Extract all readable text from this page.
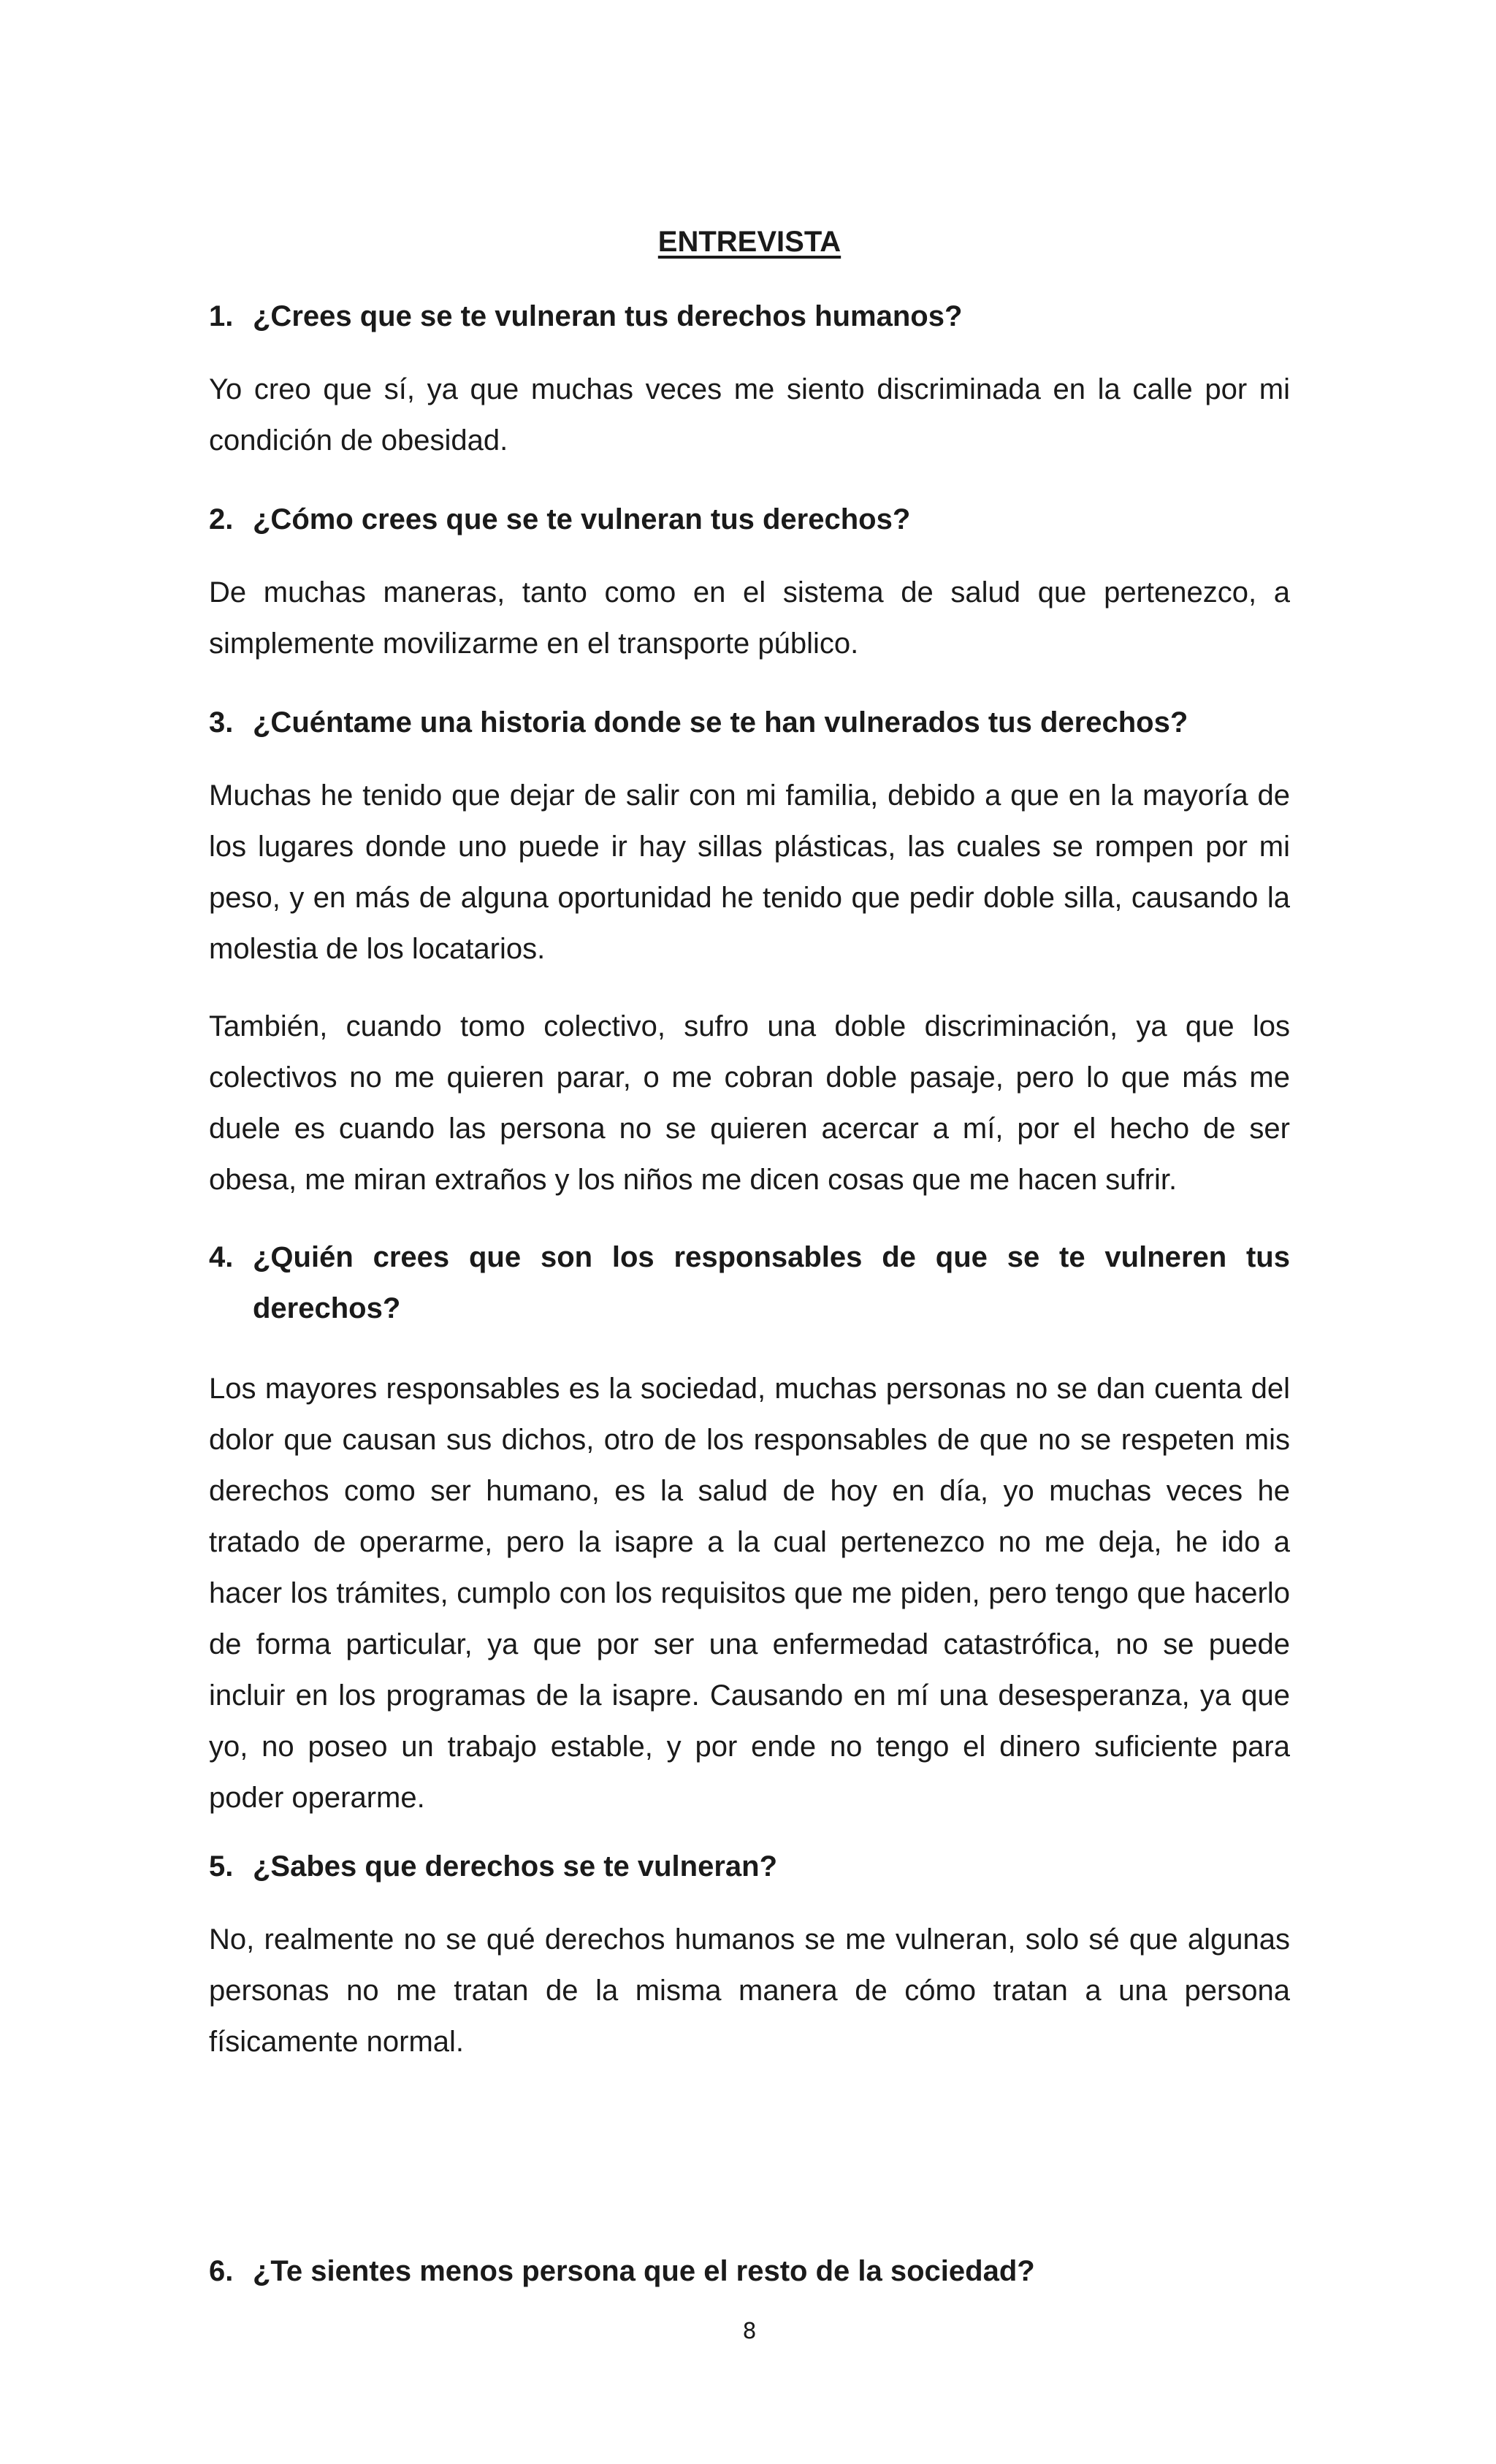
ENTREVISTA

1. ¿Crees que se te vulneran tus derechos humanos?

Yo creo que sí, ya que muchas veces me siento discriminada en la calle por mi condición de obesidad.

2. ¿Cómo crees que se te vulneran tus derechos?

De muchas maneras, tanto como en el sistema de salud que pertenezco, a simplemente movilizarme en el transporte público.

3. ¿Cuéntame una historia donde se te han vulnerados tus derechos?

Muchas he tenido que dejar de salir con mi familia, debido a que en la mayoría de los lugares donde uno puede ir hay sillas plásticas, las cuales se rompen por mi peso, y en más de alguna oportunidad he tenido que pedir doble silla, causando la molestia de los locatarios.

También, cuando tomo colectivo, sufro una doble discriminación, ya que los colectivos no me quieren parar, o me cobran doble pasaje, pero lo que más me duele es cuando las persona no se quieren acercar a mí, por el hecho de ser obesa, me miran extraños y los niños me dicen cosas que me hacen sufrir.

4. ¿Quién crees que son los responsables de que se te vulneren tus derechos?

Los mayores responsables es la sociedad, muchas personas no se dan cuenta del dolor que causan sus dichos, otro de los responsables de que no se respeten mis derechos como ser humano, es la salud de hoy en día, yo muchas veces he tratado de operarme, pero la isapre a la cual pertenezco no me deja, he ido a hacer los trámites, cumplo con los requisitos que me piden, pero tengo que hacerlo de forma particular, ya que por ser una enfermedad catastrófica, no se puede incluir en los programas de la isapre. Causando en mí una desesperanza, ya que yo, no poseo un trabajo estable, y por ende no tengo el dinero suficiente para poder operarme.

5. ¿Sabes que derechos se te vulneran?

No, realmente no se qué derechos humanos se me vulneran, solo sé que algunas personas no me tratan de la misma manera de cómo tratan a una persona físicamente normal.

6. ¿Te sientes menos persona que el resto de la sociedad?

8
